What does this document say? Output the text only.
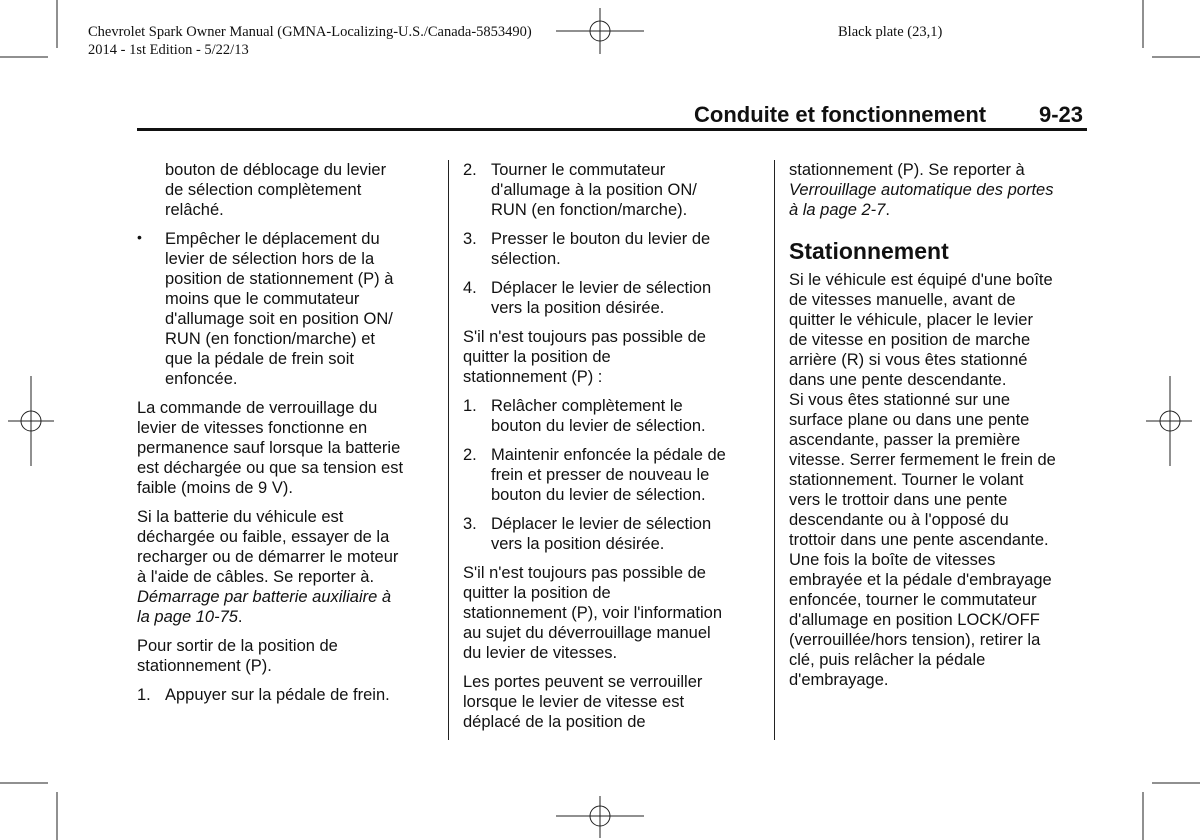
Chevrolet Spark Owner Manual (GMNA-Localizing-U.S./Canada-5853490)
2014 - 1st Edition - 5/22/13
Black plate (23,1)
Conduite et fonctionnement 9-23
bouton de déblocage du levier
de sélection complètement
relâché.
• Empêcher le déplacement du
levier de sélection hors de la
position de stationnement (P) à
moins que le commutateur
d'allumage soit en position ON/
RUN (en fonction/marche) et
que la pédale de frein soit
enfoncée.
La commande de verrouillage du
levier de vitesses fonctionne en
permanence sauf lorsque la batterie
est déchargée ou que sa tension est
faible (moins de 9 V).
Si la batterie du véhicule est
déchargée ou faible, essayer de la
recharger ou de démarrer le moteur
à l'aide de câbles. Se reporter à.
Démarrage par batterie auxiliaire à
la page 10-75.
Pour sortir de la position de
stationnement (P).
1. Appuyer sur la pédale de frein.
2. Tourner le commutateur
d'allumage à la position ON/
RUN (en fonction/marche).
3. Presser le bouton du levier de
sélection.
4. Déplacer le levier de sélection
vers la position désirée.
S'il n'est toujours pas possible de
quitter la position de
stationnement (P) :
1. Relâcher complètement le
bouton du levier de sélection.
2. Maintenir enfoncée la pédale de
frein et presser de nouveau le
bouton du levier de sélection.
3. Déplacer le levier de sélection
vers la position désirée.
S'il n'est toujours pas possible de
quitter la position de
stationnement (P), voir l'information
au sujet du déverrouillage manuel
du levier de vitesses.
Les portes peuvent se verrouiller
lorsque le levier de vitesse est
déplacé de la position de
stationnement (P). Se reporter à
Verrouillage automatique des portes
à la page 2-7.
Stationnement
Si le véhicule est équipé d'une boîte
de vitesses manuelle, avant de
quitter le véhicule, placer le levier
de vitesse en position de marche
arrière (R) si vous êtes stationné
dans une pente descendante.
Si vous êtes stationné sur une
surface plane ou dans une pente
ascendante, passer la première
vitesse. Serrer fermement le frein de
stationnement. Tourner le volant
vers le trottoir dans une pente
descendante ou à l'opposé du
trottoir dans une pente ascendante.
Une fois la boîte de vitesses
embrayée et la pédale d'embrayage
enfoncée, tourner le commutateur
d'allumage en position LOCK/OFF
(verrouillée/hors tension), retirer la
clé, puis relâcher la pédale
d'embrayage.
